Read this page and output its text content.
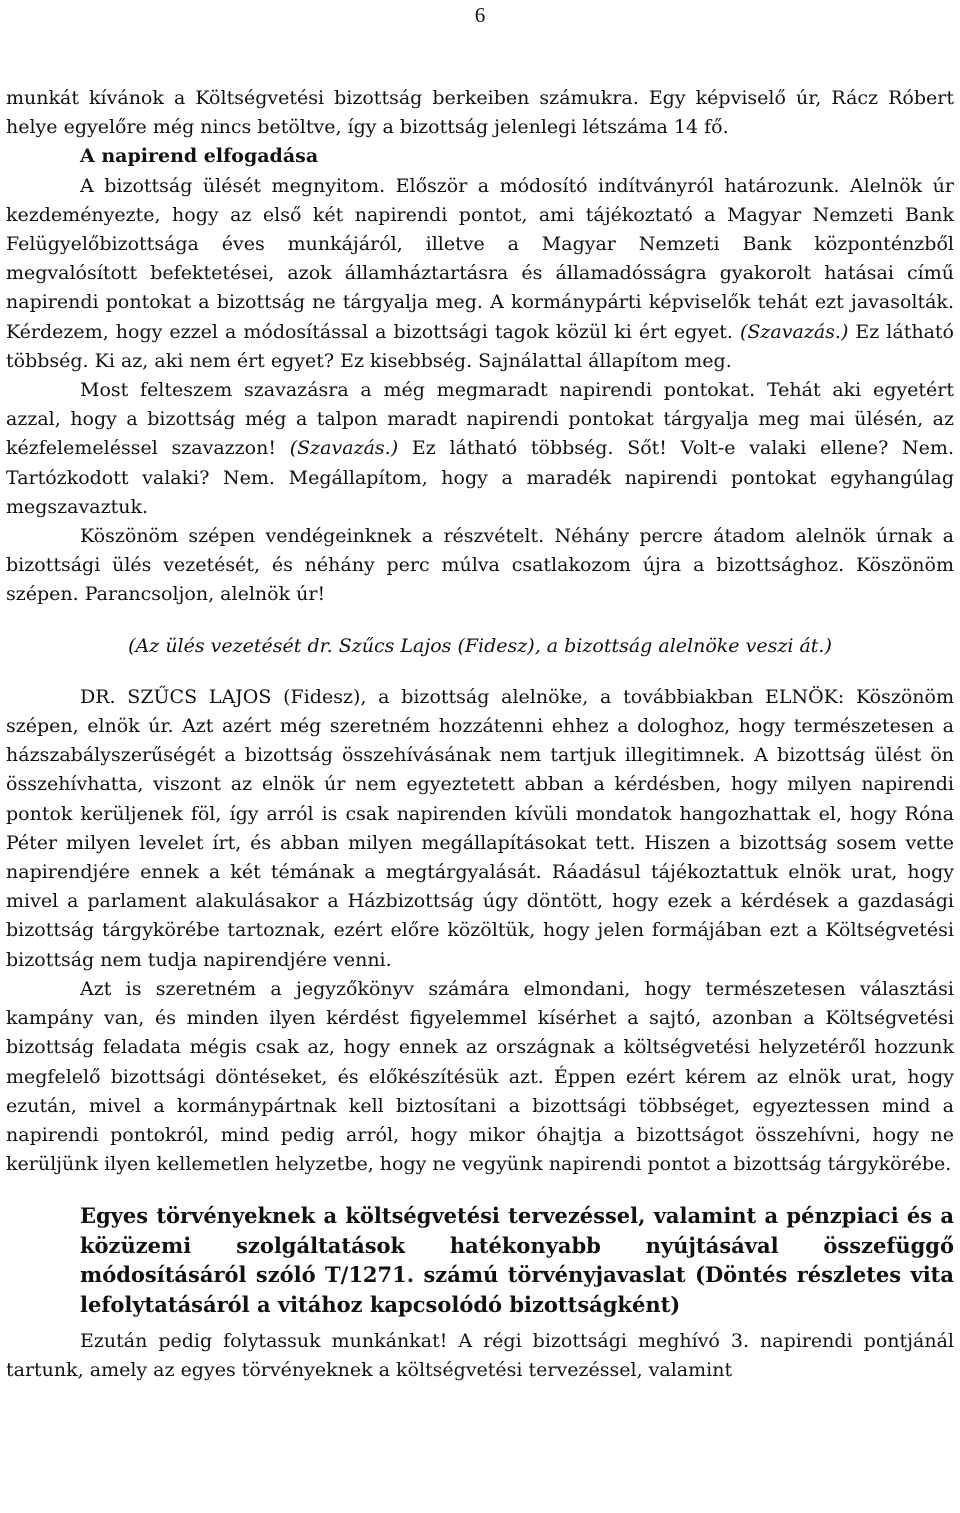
6

munkát kívánok a Költségvetési bizottság berkeiben számukra. Egy képviselő úr, Rácz Róbert helye egyelőre még nincs betöltve, így a bizottság jelenlegi létszáma 14 fő.

A napirend elfogadása

A bizottság ülését megnyitom. Először a módosító indítványról határozunk. Alelnök úr kezdeményezte, hogy az első két napirendi pontot, ami tájékoztató a Magyar Nemzeti Bank Felügyelőbizottsága éves munkájáról, illetve a Magyar Nemzeti Bank központénzből megvalósított befektetései, azok államháztartásra és államadósságra gyakorolt hatásai című napirendi pontokat a bizottság ne tárgyalja meg. A kormánypárti képviselők tehát ezt javasolták. Kérdezem, hogy ezzel a módosítással a bizottsági tagok közül ki ért egyet. (Szavazás.) Ez látható többség. Ki az, aki nem ért egyet? Ez kisebbség. Sajnálattal állapítom meg.

Most felteszem szavazásra a még megmaradt napirendi pontokat. Tehát aki egyetért azzal, hogy a bizottság még a talpon maradt napirendi pontokat tárgyalja meg mai ülésén, az kézfelemeléssel szavazzon! (Szavazás.) Ez látható többség. Sőt! Volt-e valaki ellene? Nem. Tartózkodott valaki? Nem. Megállapítom, hogy a maradék napirendi pontokat egyhangúlag megszavaztuk.

Köszönöm szépen vendégeinknek a részvételt. Néhány percre átadom alelnök úrnak a bizottsági ülés vezetését, és néhány perc múlva csatlakozom újra a bizottsághoz. Köszönöm szépen. Parancsoljon, alelnök úr!

(Az ülés vezetését dr. Szűcs Lajos (Fidesz), a bizottság alelnöke veszi át.)

DR. SZŰCS LAJOS (Fidesz), a bizottság alelnöke, a továbbiakban ELNÖK: Köszönöm szépen, elnök úr. Azt azért még szeretném hozzátenni ehhez a dologhoz, hogy természetesen a házszabályszerűségét a bizottság összehívásának nem tartjuk illegitimnek. A bizottság ülést ön összehívhatta, viszont az elnök úr nem egyeztetett abban a kérdésben, hogy milyen napirendi pontok kerüljenek föl, így arról is csak napirenden kívüli mondatok hangozhattak el, hogy Róna Péter milyen levelet írt, és abban milyen megállapításokat tett. Hiszen a bizottság sosem vette napirendjére ennek a két témának a megtárgyalását. Ráadásul tájékoztattuk elnök urat, hogy mivel a parlament alakulásakor a Házbizottság úgy döntött, hogy ezek a kérdések a gazdasági bizottság tárgykörébe tartoznak, ezért előre közöltük, hogy jelen formájában ezt a Költségvetési bizottság nem tudja napirendjére venni.

Azt is szeretném a jegyzőkönyv számára elmondani, hogy természetesen választási kampány van, és minden ilyen kérdést figyelemmel kísérhet a sajtó, azonban a Költségvetési bizottság feladata mégis csak az, hogy ennek az országnak a költségvetési helyzetéről hozzunk megfelelő bizottsági döntéseket, és előkészítésük azt. Éppen ezért kérem az elnök urat, hogy ezután, mivel a kormánypártnak kell biztosítani a bizottsági többséget, egyeztessen mind a napirendi pontokról, mind pedig arról, hogy mikor óhajtja a bizottságot összehívni, hogy ne kerüljünk ilyen kellemetlen helyzetbe, hogy ne vegyünk napirendi pontot a bizottság tárgykörébe.

Egyes törvényeknek a költségvetési tervezéssel, valamint a pénzpiaci és a közüzemi szolgáltatások hatékonyabb nyújtásával összefüggő módosításáról szóló T/1271. számú törvényjavaslat (Döntés részletes vita lefolytatásáról a vitához kapcsolódó bizottságként)

Ezután pedig folytassuk munkánkat! A régi bizottsági meghívó 3. napirendi pontjánál tartunk, amely az egyes törvényeknek a költségvetési tervezéssel, valamint
